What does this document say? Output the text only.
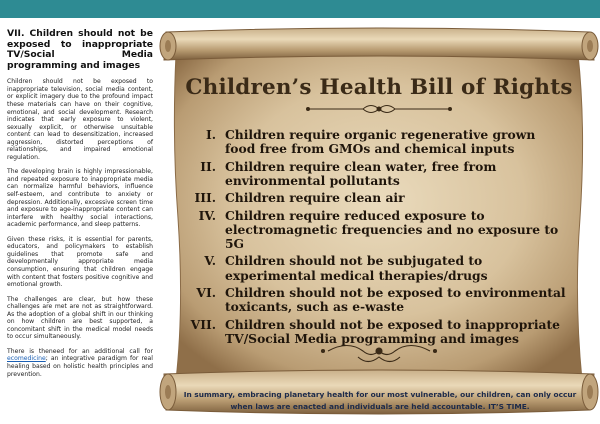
VII. Children should not be exposed to inappropriate TV/Social Media programming and images

Children should not be exposed to inappropriate television, social media content, or explicit imagery due to the profound impact these materials can have on their cognitive, emotional, and social development. Research indicates that early exposure to violent, sexually explicit, or otherwise unsuitable content can lead to desensitization, increased aggression, distorted perceptions of relationships, and impaired emotional regulation.

The developing brain is highly impressionable, and repeated exposure to inappropriate media can normalize harmful behaviors, influence self-esteem, and contribute to anxiety or depression. Additionally, excessive screen time and exposure to age-inappropriate content can interfere with healthy social interactions, academic performance, and sleep patterns.

Given these risks, it is essential for parents, educators, and policymakers to establish guidelines that promote safe and developmentally appropriate media consumption, ensuring that children engage with content that fosters positive cognitive and emotional growth.

The challenges are clear, but how these challenges are met are not as straightforward. As the adoption of a global shift in our thinking on how children are best supported, a concomitant shift in the medical model needs to occur simultaneously.

There is theneed for an additional call for ecomedicine; an integrative paradigm for real healing based on holistic health principles and prevention.

Children’s Health Bill of Rights
I. Children require organic regenerative grown food free from GMOs and chemical inputs
II. Children require clean water, free from environmental pollutants
III. Children require clean air
IV. Children require reduced exposure to electromagnetic frequencies and no exposure to 5G
V. Children should not be subjugated to experimental medical therapies/drugs
VI. Children should not be exposed to environmental toxicants, such as e-waste
VII. Children should not be exposed to inappropriate TV/Social Media programming and images
In summary, embracing planetary health for our most vulnerable, our children, can only occur
when laws are enacted and individuals are held accountable. IT’S TIME.
